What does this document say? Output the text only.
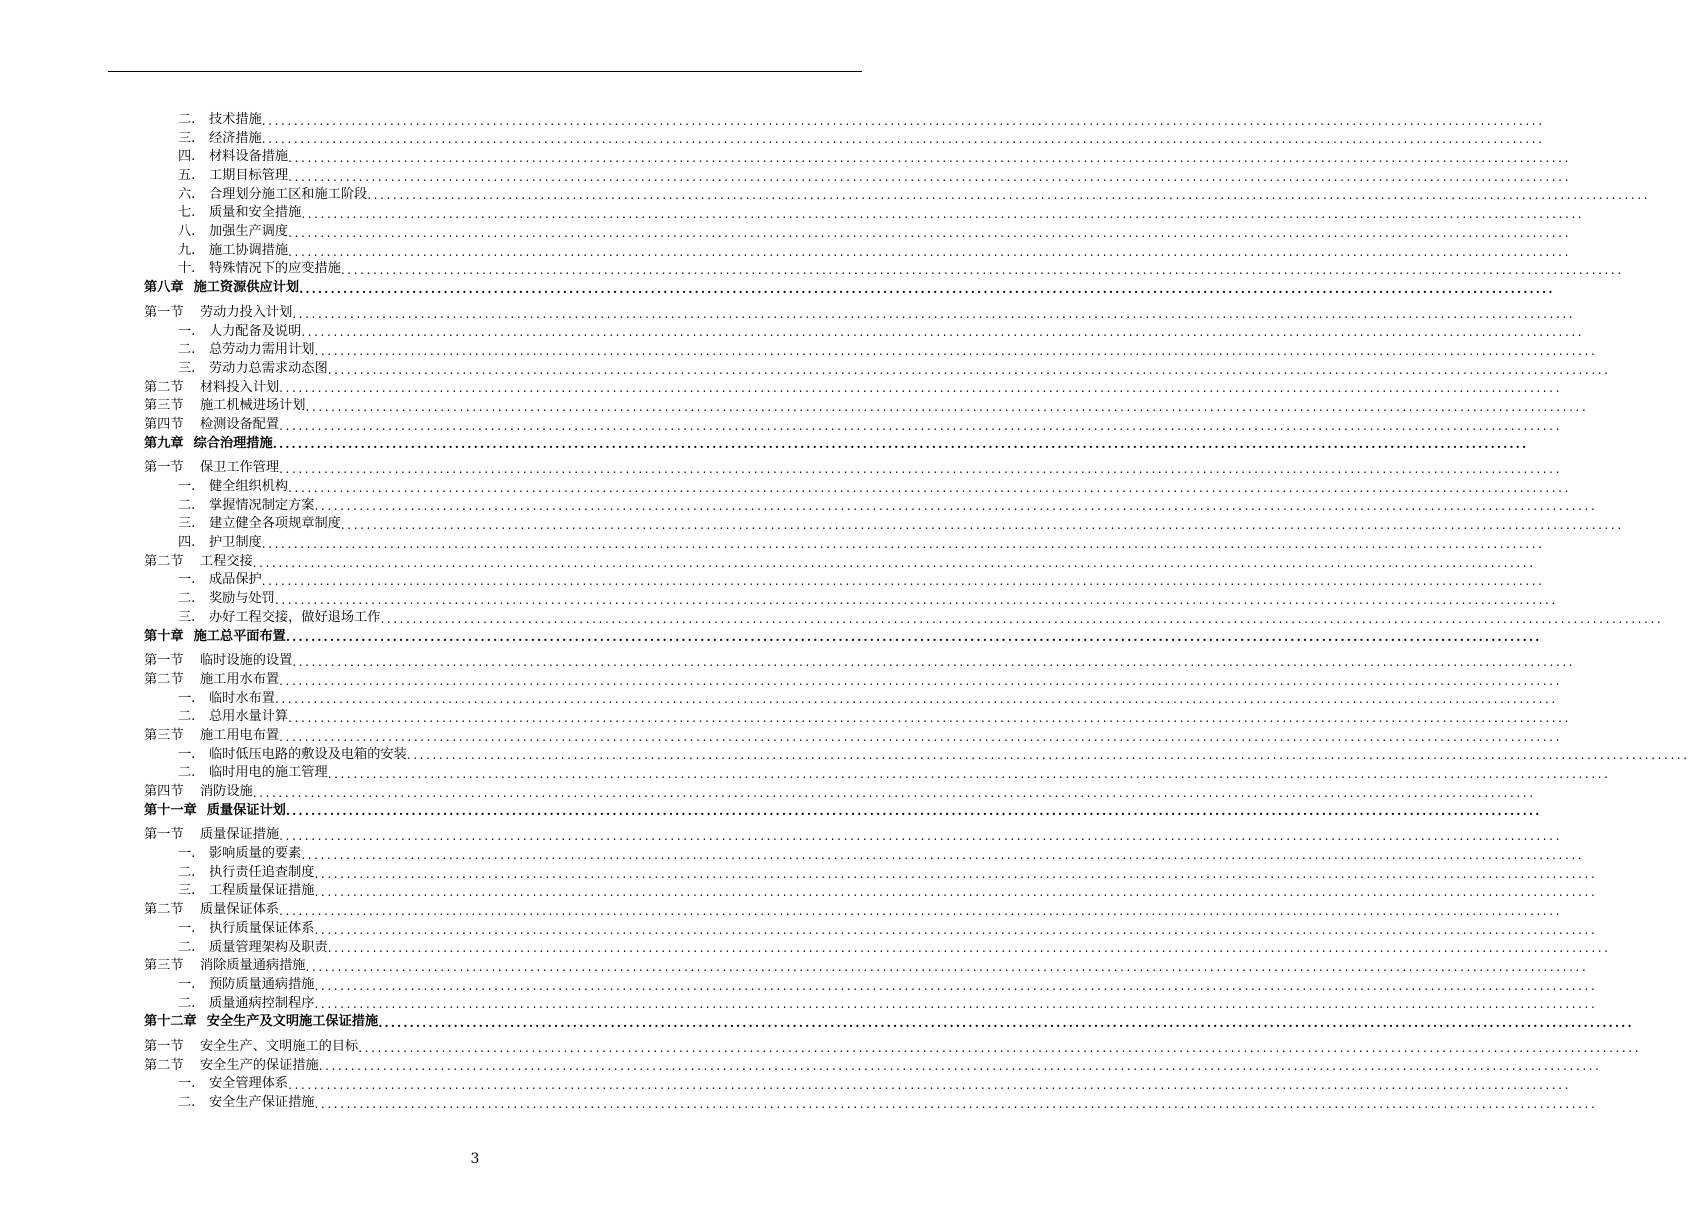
二.	技术措施 ........................................................................................................................................................................................................
三.	经济措施 ........................................................................................................................................................................................................
四.	材料设备措施 ........................................................................................................................................................................................................
五.	工期目标管理 ........................................................................................................................................................................................................
六.	合理划分施工区和施工阶段 ........................................................................................................................................................................................................
七.	质量和安全措施 ........................................................................................................................................................................................................
八.	加强生产调度 ........................................................................................................................................................................................................
九.	施工协调措施 ........................................................................................................................................................................................................
十.	特殊情况下的应变措施 ........................................................................................................................................................................................................
第八章 施工资源供应计划 ........................................................................................................................................................................................................
第一节	劳动力投入计划 ........................................................................................................................................................................................................
一.	人力配备及说明 ........................................................................................................................................................................................................
二.	总劳动力需用计划 ........................................................................................................................................................................................................
三.	劳动力总需求动态图 ........................................................................................................................................................................................................
第二节	材料投入计划 ........................................................................................................................................................................................................
第三节	施工机械进场计划 ........................................................................................................................................................................................................
第四节	检测设备配置 ........................................................................................................................................................................................................
第九章 综合治理措施 ........................................................................................................................................................................................................
第一节	保卫工作管理 ........................................................................................................................................................................................................
一.	健全组织机构 ........................................................................................................................................................................................................
二.	掌握情况制定方案 ........................................................................................................................................................................................................
三.	建立健全各项规章制度 ........................................................................................................................................................................................................
四.	护卫制度 ........................................................................................................................................................................................................
第二节	工程交接 ........................................................................................................................................................................................................
一.	成品保护 ........................................................................................................................................................................................................
二.	奖励与处罚 ........................................................................................................................................................................................................
三.	办好工程交接，做好退场工作 ........................................................................................................................................................................................................
第十章 施工总平面布置 ........................................................................................................................................................................................................
第一节	临时设施的设置 ........................................................................................................................................................................................................
第二节	施工用水布置 ........................................................................................................................................................................................................
一.	临时水布置 ........................................................................................................................................................................................................
二.	总用水量计算 ........................................................................................................................................................................................................
第三节	施工用电布置 ........................................................................................................................................................................................................
一.	临时低压电路的敷设及电箱的安装 ........................................................................................................................................................................................................
二.	临时用电的施工管理 ........................................................................................................................................................................................................
第四节	消防设施 ........................................................................................................................................................................................................
第十一章 质量保证计划 ........................................................................................................................................................................................................
第一节	质量保证措施 ........................................................................................................................................................................................................
一.	影响质量的要素 ........................................................................................................................................................................................................
二.	执行责任追查制度 ........................................................................................................................................................................................................
三.	工程质量保证措施 ........................................................................................................................................................................................................
第二节	质量保证体系 ........................................................................................................................................................................................................
一.	执行质量保证体系 ........................................................................................................................................................................................................
二.	质量管理架构及职责 ........................................................................................................................................................................................................
第三节	消除质量通病措施 ........................................................................................................................................................................................................
一.	预防质量通病措施 ........................................................................................................................................................................................................
二.	质量通病控制程序 ........................................................................................................................................................................................................
第十二章 安全生产及文明施工保证措施 ........................................................................................................................................................................................................
第一节	安全生产、文明施工的目标 ........................................................................................................................................................................................................
第二节	安全生产的保证措施 ........................................................................................................................................................................................................
一.	安全管理体系 ........................................................................................................................................................................................................
二.	安全生产保证措施 ........................................................................................................................................................................................................
3
